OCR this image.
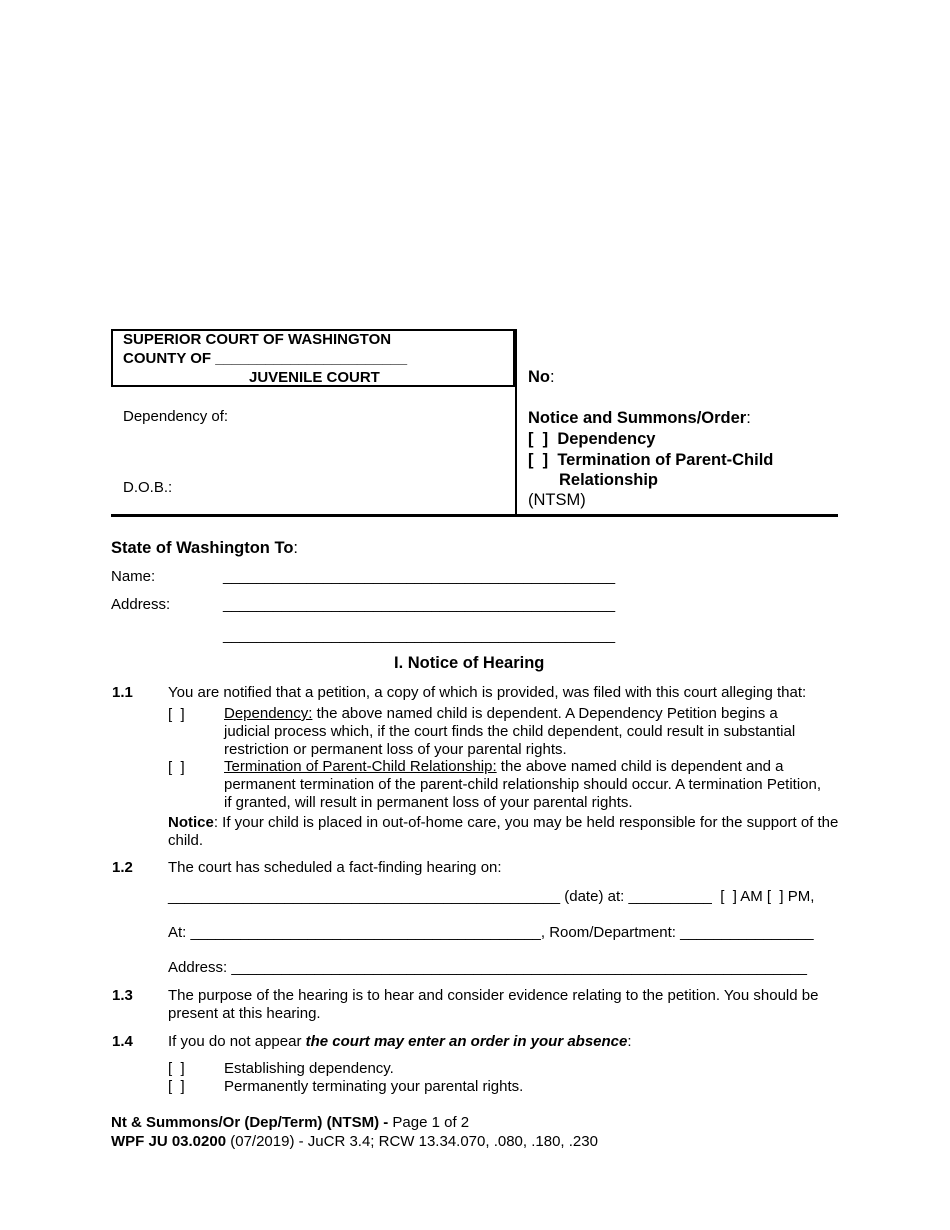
SUPERIOR COURT OF WASHINGTON
COUNTY OF _______________________
JUVENILE COURT	No:
Dependency of:
D.O.B.:
Notice and Summons/Order:
[  ]  Dependency
[  ]  Termination of Parent-Child
Relationship
(NTSM)
State of Washington To:
Name:	_______________________________________________
Address:	_______________________________________________
_______________________________________________
I. Notice of Hearing
1.1 You are notified that a petition, a copy of which is provided, was filed with this court alleging that:
[  ]	Dependency: the above named child is dependent. A Dependency Petition begins a judicial process which, if the court finds the child dependent, could result in substantial restriction or permanent loss of your parental rights.
[  ]	Termination of Parent-Child Relationship: the above named child is dependent and a permanent termination of the parent-child relationship should occur. A termination Petition, if granted, will result in permanent loss of your parental rights.
Notice: If your child is placed in out-of-home care, you may be held responsible for the support of the child.
1.2 The court has scheduled a fact-finding hearing on:
_______________________________________________ (date) at: __________  [  ] AM [  ] PM,
At: __________________________________________, Room/Department: ________________
Address: _____________________________________________________________________
1.3 The purpose of the hearing is to hear and consider evidence relating to the petition. You should be present at this hearing.
1.4 If you do not appear the court may enter an order in your absence:
[  ]	Establishing dependency.
[  ]	Permanently terminating your parental rights.
Nt & Summons/Or (Dep/Term) (NTSM) - Page 1 of 2
WPF JU 03.0200 (07/2019) - JuCR 3.4; RCW 13.34.070, .080, .180, .230
